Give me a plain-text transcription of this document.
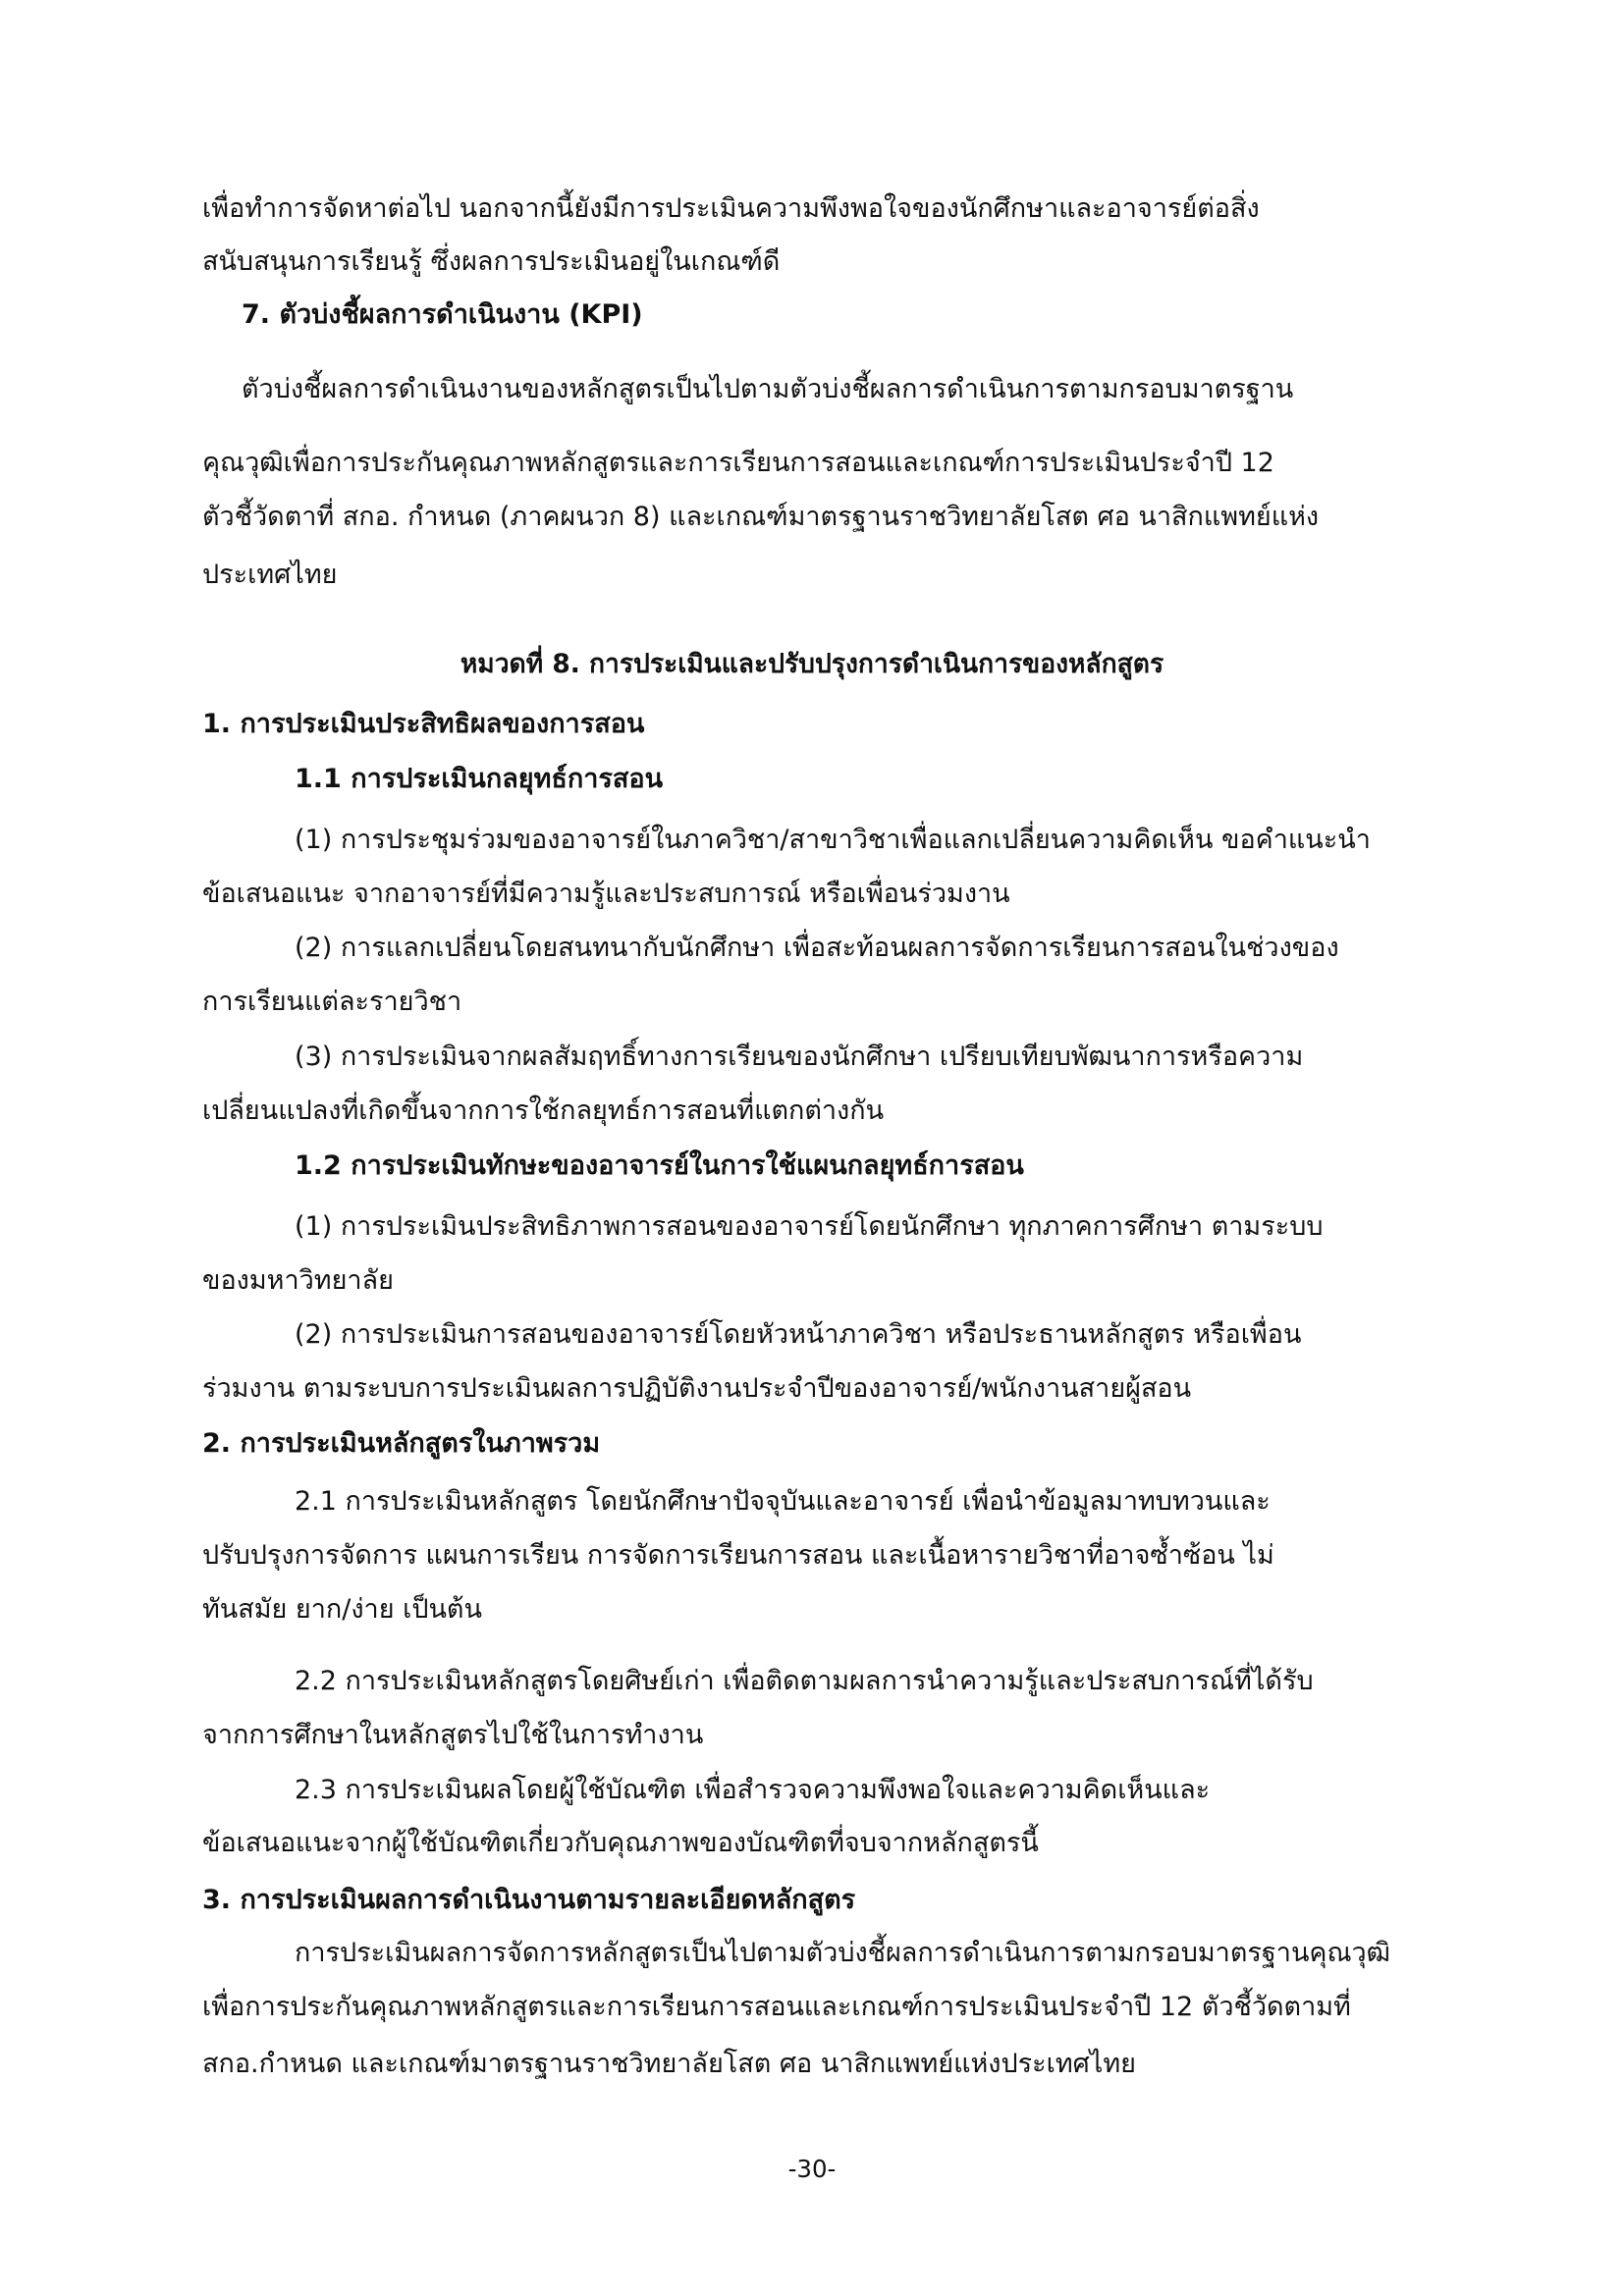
เพื่อทำการจัดหาต่อไป นอกจากนี้ยังมีการประเมินความพึงพอใจของนักศึกษาและอาจารย์ต่อสิ่ง
สนับสนุนการเรียนรู้ ซึ่งผลการประเมินอยู่ในเกณฑ์ดี
7. ตัวบ่งชี้ผลการดำเนินงาน (KPI)
ตัวบ่งชี้ผลการดำเนินงานของหลักสูตรเป็นไปตามตัวบ่งชี้ผลการดำเนินการตามกรอบมาตรฐาน
คุณวุฒิเพื่อการประกันคุณภาพหลักสูตรและการเรียนการสอนและเกณฑ์การประเมินประจำปี 12
ตัวชี้วัดตาที่ สกอ. กำหนด (ภาคผนวก 8) และเกณฑ์มาตรฐานราชวิทยาลัยโสต ศอ นาสิกแพทย์แห่ง
ประเทศไทย
หมวดที่ 8. การประเมินและปรับปรุงการดำเนินการของหลักสูตร
1. การประเมินประสิทธิผลของการสอน
1.1 การประเมินกลยุทธ์การสอน
(1) การประชุมร่วมของอาจารย์ในภาควิชา/สาขาวิชาเพื่อแลกเปลี่ยนความคิดเห็น ขอคำแนะนำ
ข้อเสนอแนะ จากอาจารย์ที่มีความรู้และประสบการณ์ หรือเพื่อนร่วมงาน
(2) การแลกเปลี่ยนโดยสนทนากับนักศึกษา เพื่อสะท้อนผลการจัดการเรียนการสอนในช่วงของ
การเรียนแต่ละรายวิชา
(3) การประเมินจากผลสัมฤทธิ์ทางการเรียนของนักศึกษา เปรียบเทียบพัฒนาการหรือความ
เปลี่ยนแปลงที่เกิดขึ้นจากการใช้กลยุทธ์การสอนที่แตกต่างกัน
1.2 การประเมินทักษะของอาจารย์ในการใช้แผนกลยุทธ์การสอน
(1) การประเมินประสิทธิภาพการสอนของอาจารย์โดยนักศึกษา ทุกภาคการศึกษา ตามระบบ
ของมหาวิทยาลัย
(2) การประเมินการสอนของอาจารย์โดยหัวหน้าภาควิชา หรือประธานหลักสูตร หรือเพื่อน
ร่วมงาน ตามระบบการประเมินผลการปฏิบัติงานประจำปีของอาจารย์/พนักงานสายผู้สอน
2. การประเมินหลักสูตรในภาพรวม
2.1 การประเมินหลักสูตร โดยนักศึกษาปัจจุบันและอาจารย์ เพื่อนำข้อมูลมาทบทวนและ
ปรับปรุงการจัดการ แผนการเรียน การจัดการเรียนการสอน และเนื้อหารายวิชาที่อาจซ้ำซ้อน ไม่
ทันสมัย ยาก/ง่าย เป็นต้น
2.2 การประเมินหลักสูตรโดยศิษย์เก่า เพื่อติดตามผลการนำความรู้และประสบการณ์ที่ได้รับ
จากการศึกษาในหลักสูตรไปใช้ในการทำงาน
2.3 การประเมินผลโดยผู้ใช้บัณฑิต เพื่อสำรวจความพึงพอใจและความคิดเห็นและ
ข้อเสนอแนะจากผู้ใช้บัณฑิตเกี่ยวกับคุณภาพของบัณฑิตที่จบจากหลักสูตรนี้
3. การประเมินผลการดำเนินงานตามรายละเอียดหลักสูตร
การประเมินผลการจัดการหลักสูตรเป็นไปตามตัวบ่งชี้ผลการดำเนินการตามกรอบมาตรฐานคุณวุฒิ
เพื่อการประกันคุณภาพหลักสูตรและการเรียนการสอนและเกณฑ์การประเมินประจำปี 12 ตัวชี้วัดตามที่
สกอ.กำหนด และเกณฑ์มาตรฐานราชวิทยาลัยโสต ศอ นาสิกแพทย์แห่งประเทศไทย
-30-
